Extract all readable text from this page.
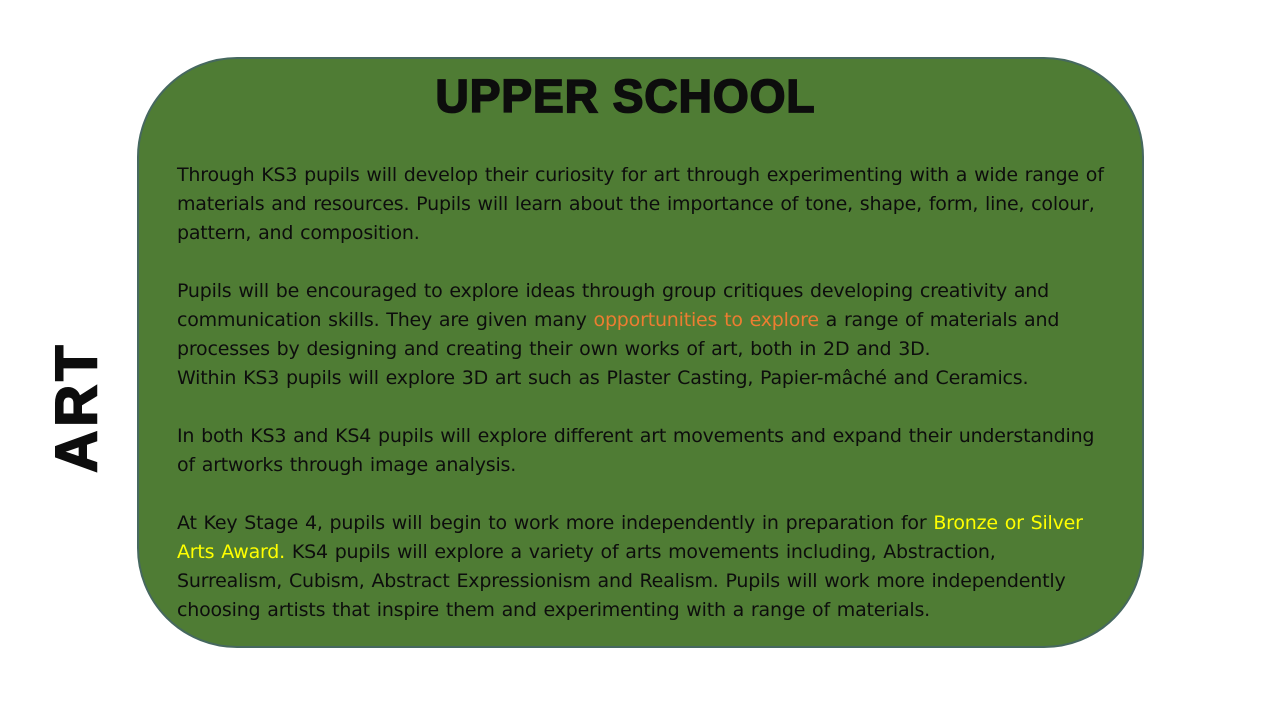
ART
UPPER SCHOOL

Through KS3 pupils will develop their curiosity for art through experimenting with a wide range of materials and resources. Pupils will learn about the importance of tone, shape, form, line, colour, pattern, and composition.

Pupils will be encouraged to explore ideas through group critiques developing creativity and communication skills. They are given many opportunities to explore a range of materials and processes by designing and creating their own works of art, both in 2D and 3D.
Within KS3 pupils will explore 3D art such as Plaster Casting, Papier-mâché and Ceramics.

In both KS3 and KS4 pupils will explore different art movements and expand their understanding of artworks through image analysis.

At Key Stage 4, pupils will begin to work more independently in preparation for Bronze or Silver Arts Award. KS4 pupils will explore a variety of arts movements including, Abstraction, Surrealism, Cubism, Abstract Expressionism and Realism. Pupils will work more independently choosing artists that inspire them and experimenting with a range of materials.
